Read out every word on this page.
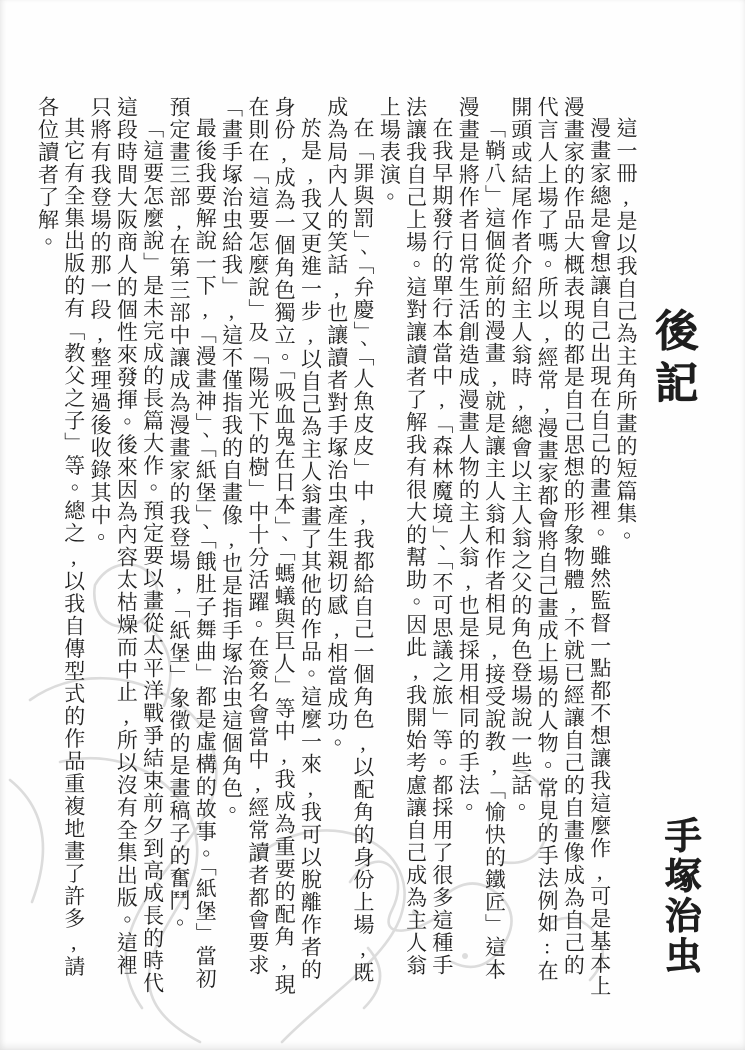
後記
手塚治虫

這一冊,是以我自己為主角所畫的短篇集。

漫畫家總是會想讓自己出現在自己的畫裡。雖然監督一點都不想讓我這麼作,可是基本上漫畫家的作品大概表現的都是自己思想的形象物體,不就已經讓自己的自畫像成為自己的代言人上場了嗎。所以,經常,漫畫家都會將自己畫成上場的人物。常見的手法例如:在開頭或結尾作者介紹主人翁時,總會以主人翁之父的角色登場說一些話。

「鞘八」這個從前的漫畫,就是讓主人翁和作者相見,接受說教,「愉快的鐵匠」這本漫畫是將作者日常生活創造成漫畫人物的主人翁,也是採用相同的手法。

在我早期發行的單行本當中,「森林魔境」、「不可思議之旅」等。都採用了很多這種手法讓我自己上場。這對讓讀者了解我有很大的幫助。因此,我開始考慮讓自己成為主人翁上場表演。

在「罪與罰」、「弁慶」、「人魚皮皮」中,我都給自己一個角色,以配角的身份上場,既成為局內人的笑話,也讓讀者對手塚治虫產生親切感,相當成功。

於是,我又更進一步,以自己為主人翁畫了其他的作品。這麼一來,我可以脫離作者的身份,成為一個角色獨立。「吸血鬼在日本」、「螞蟻與巨人」等中,我成為重要的配角,現在則在「這要怎麼說」及「陽光下的樹」中十分活躍。在簽名會當中,經常讀者都會要求「畫手塚治虫給我」,這不僅指我的自畫像,也是指手塚治虫這個角色。

最後我要解說一下,「漫畫神」、「紙堡」、「餓肚子舞曲」都是虛構的故事。「紙堡」當初預定畫三部,在第三部中讓成為漫畫家的我登場,「紙堡」象徵的是畫稿子的奮鬥。

「這要怎麼說」是未完成的長篇大作。預定要以畫從太平洋戰爭結束前夕到高成長的時代這段時間大阪商人的個性來發揮。後來因為內容太枯燥而中止,所以沒有全集出版。這裡只將有我登場的那一段,整理過後收錄其中。

其它有全集出版的有「教父之子」等。總之,以我自傳型式的作品重複地畫了許多,請各位讀者了解。
